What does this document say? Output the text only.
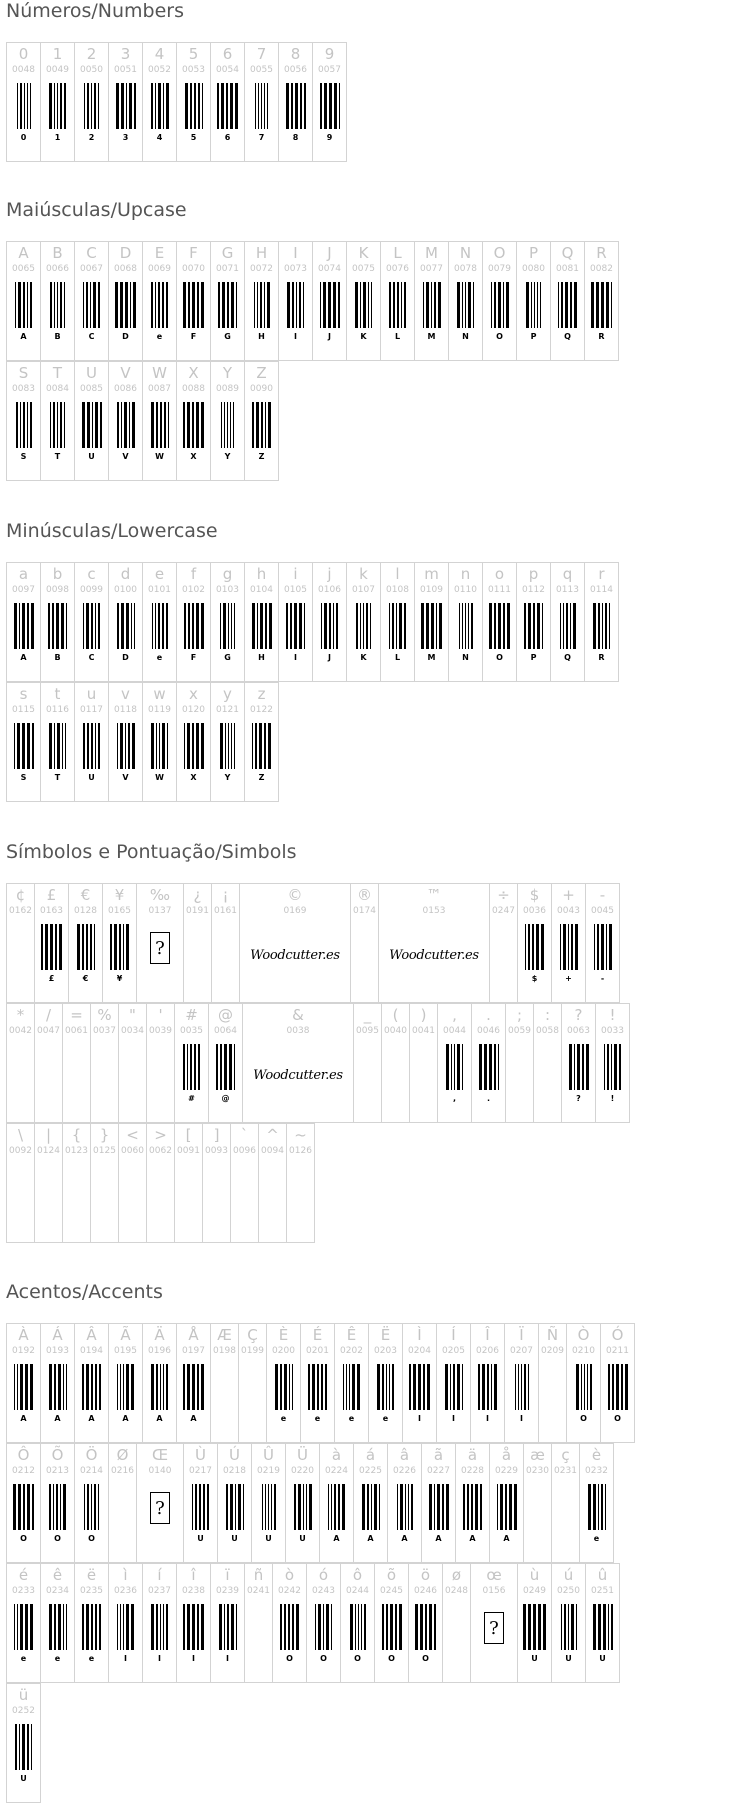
Números/Numbers
0
0048
0
1
0049
1
2
0050
2
3
0051
3
4
0052
4
5
0053
5
6
0054
6
7
0055
7
8
0056
8
9
0057
9
Maiúsculas/Upcase
A
0065
A
B
0066
B
C
0067
C
D
0068
D
E
0069
e
F
0070
F
G
0071
G
H
0072
H
I
0073
I
J
0074
J
K
0075
K
L
0076
L
M
0077
M
N
0078
N
O
0079
O
P
0080
P
Q
0081
Q
R
0082
R
S
0083
S
T
0084
T
U
0085
U
V
0086
V
W
0087
W
X
0088
X
Y
0089
Y
Z
0090
Z
Minúsculas/Lowercase
a
0097
A
b
0098
B
c
0099
C
d
0100
D
e
0101
e
f
0102
F
g
0103
G
h
0104
H
i
0105
I
j
0106
J
k
0107
K
l
0108
L
m
0109
M
n
0110
N
o
0111
O
p
0112
P
q
0113
Q
r
0114
R
s
0115
S
t
0116
T
u
0117
U
v
0118
V
w
0119
W
x
0120
X
y
0121
Y
z
0122
Z
Símbolos e Pontuação/Simbols
¢
0162
£
0163
£
€
0128
€
¥
0165
¥
‰
0137
?
¿
0191
¡
0161
©
0169
Woodcutter.es
®
0174
™
0153
Woodcutter.es
÷
0247
$
0036
$
+
0043
+
-
0045
-
*
0042
/
0047
=
0061
%
0037
"
0034
'
0039
#
0035
#
@
0064
@
&
0038
Woodcutter.es
_
0095
(
0040
)
0041
,
0044
,
.
0046
.
;
0059
:
0058
?
0063
?
!
0033
!
\
0092
|
0124
{
0123
}
0125
<
0060
>
0062
[
0091
]
0093
`
0096
^
0094
~
0126
Acentos/Accents
À
0192
A
Á
0193
A
Â
0194
A
Ã
0195
A
Ä
0196
A
Å
0197
A
Æ
0198
Ç
0199
È
0200
e
É
0201
e
Ê
0202
e
Ë
0203
e
Ì
0204
I
Í
0205
I
Î
0206
I
Ï
0207
I
Ñ
0209
Ò
0210
O
Ó
0211
O
Ô
0212
O
Õ
0213
O
Ö
0214
O
Ø
0216
Œ
0140
?
Ù
0217
U
Ú
0218
U
Û
0219
U
Ü
0220
U
à
0224
A
á
0225
A
â
0226
A
ã
0227
A
ä
0228
A
å
0229
A
æ
0230
ç
0231
è
0232
e
é
0233
e
ê
0234
e
ë
0235
e
ì
0236
I
í
0237
I
î
0238
I
ï
0239
I
ñ
0241
ò
0242
O
ó
0243
O
ô
0244
O
õ
0245
O
ö
0246
O
ø
0248
œ
0156
?
ù
0249
U
ú
0250
U
û
0251
U
ü
0252
U
